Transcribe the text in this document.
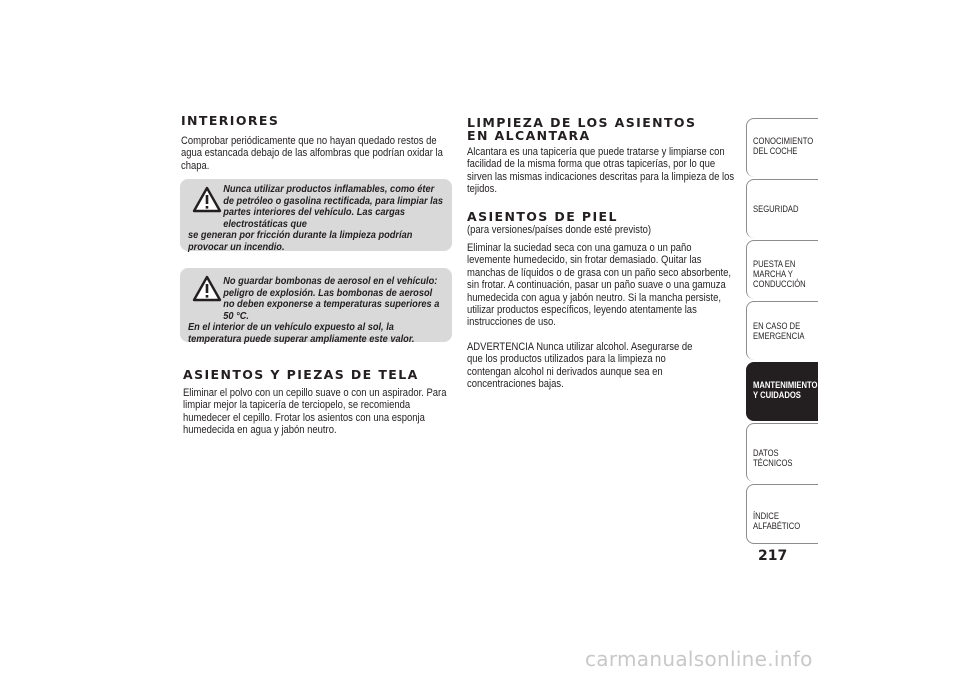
INTERIORES

Comprobar periódicamente que no hayan quedado restos de agua estancada debajo de las alfombras que podrían oxidar la chapa.

Nunca utilizar productos inflamables, como éter de petróleo o gasolina rectificada, para limpiar las partes interiores del vehículo. Las cargas electrostáticas que
se generan por fricción durante la limpieza podrían provocar un incendio.
No guardar bombonas de aerosol en el vehículo: peligro de explosión. Las bombonas de aerosol no deben exponerse a temperaturas superiores a 50 °C.
En el interior de un vehículo expuesto al sol, la temperatura puede superar ampliamente este valor.
ASIENTOS Y PIEZAS DE TELA

Eliminar el polvo con un cepillo suave o con un aspirador. Para limpiar mejor la tapicería de terciopelo, se recomienda humedecer el cepillo. Frotar los asientos con una esponja humedecida en agua y jabón neutro.

LIMPIEZA DE LOS ASIENTOS EN ALCANTARA

Alcantara es una tapicería que puede tratarse y limpiarse con facilidad de la misma forma que otras tapicerías, por lo que sirven las mismas indicaciones descritas para la limpieza de los tejidos.

ASIENTOS DE PIEL

(para versiones/países donde esté previsto)

Eliminar la suciedad seca con una gamuza o un paño levemente humedecido, sin frotar demasiado. Quitar las manchas de líquidos o de grasa con un paño seco absorbente, sin frotar. A continuación, pasar un paño suave o una gamuza humedecida con agua y jabón neutro. Si la mancha persiste, utilizar productos específicos, leyendo atentamente las instrucciones de uso.

ADVERTENCIA Nunca utilizar alcohol. Asegurarse de que los productos utilizados para la limpieza no contengan alcohol ni derivados aunque sea en concentraciones bajas.

CONOCIMIENTO DEL COCHE
SEGURIDAD
PUESTA EN MARCHA Y CONDUCCIÓN
EN CASO DE EMERGENCIA
MANTENIMIENTO Y CUIDADOS
DATOS TÉCNICOS
ÍNDICE ALFABÉTICO
217
carmanualsonline.info
